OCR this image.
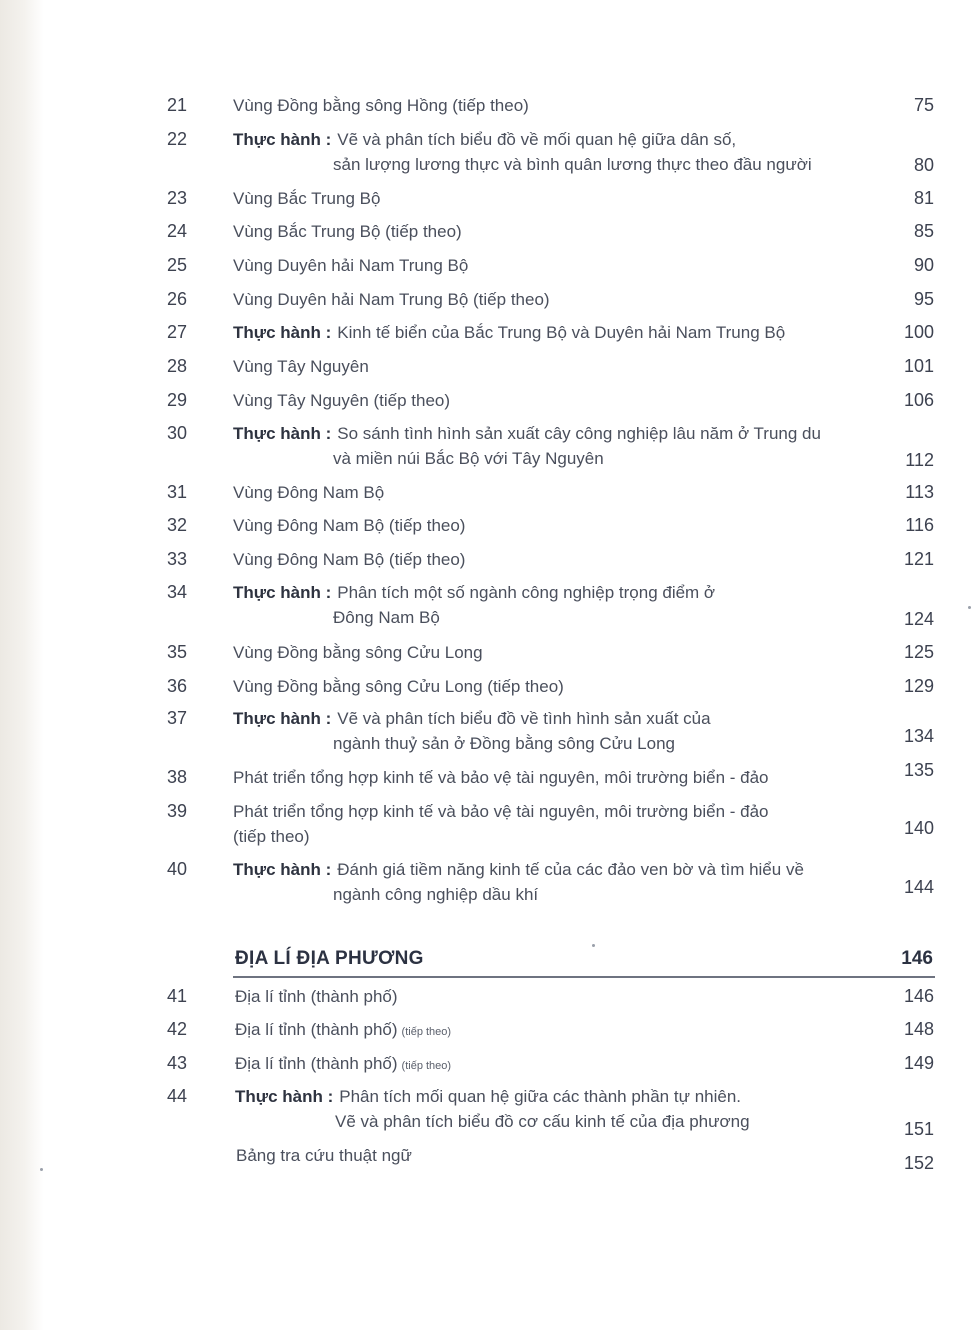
21	Vùng Đồng bằng sông Hồng (tiếp theo)	75
22	Thực hành : Vẽ và phân tích biểu đồ về mối quan hệ giữa dân số,
sản lượng lương thực và bình quân lương thực theo đầu người	80
23	Vùng Bắc Trung Bộ	81
24	Vùng Bắc Trung Bộ (tiếp theo)	85
25	Vùng Duyên hải Nam Trung Bộ	90
26	Vùng Duyên hải Nam Trung Bộ (tiếp theo)	95
27	Thực hành : Kinh tế biển của Bắc Trung Bộ và Duyên hải Nam Trung Bộ	100
28	Vùng Tây Nguyên	101
29	Vùng Tây Nguyên (tiếp theo)	106
30	Thực hành : So sánh tình hình sản xuất cây công nghiệp lâu năm ở Trung du
và miền núi Bắc Bộ với Tây Nguyên	112
31	Vùng Đông Nam Bộ	113
32	Vùng Đông Nam Bộ (tiếp theo)	116
33	Vùng Đông Nam Bộ (tiếp theo)	121
34	Thực hành : Phân tích một số ngành công nghiệp trọng điểm ở
Đông Nam Bộ	124
35	Vùng Đồng bằng sông Cửu Long	125
36	Vùng Đồng bằng sông Cửu Long (tiếp theo)	129
37	Thực hành : Vẽ và phân tích biểu đồ về tình hình sản xuất của
ngành thuỷ sản ở Đồng bằng sông Cửu Long	134
38	Phát triển tổng hợp kinh tế và bảo vệ tài nguyên, môi trường biển - đảo	135
39	Phát triển tổng hợp kinh tế và bảo vệ tài nguyên, môi trường biển - đảo
(tiếp theo)	140
40	Thực hành : Đánh giá tiềm năng kinh tế của các đảo ven bờ và tìm hiểu về
ngành công nghiệp dầu khí	144
ĐỊA LÍ ĐỊA PHƯƠNG	146
41	Địa lí tỉnh (thành phố)	146
42	Địa lí tỉnh (thành phố) (tiếp theo)	148
43	Địa lí tỉnh (thành phố) (tiếp theo)	149
44	Thực hành : Phân tích mối quan hệ giữa các thành phần tự nhiên.
Vẽ và phân tích biểu đồ cơ cấu kinh tế của địa phương	151
Bảng tra cứu thuật ngữ	152
